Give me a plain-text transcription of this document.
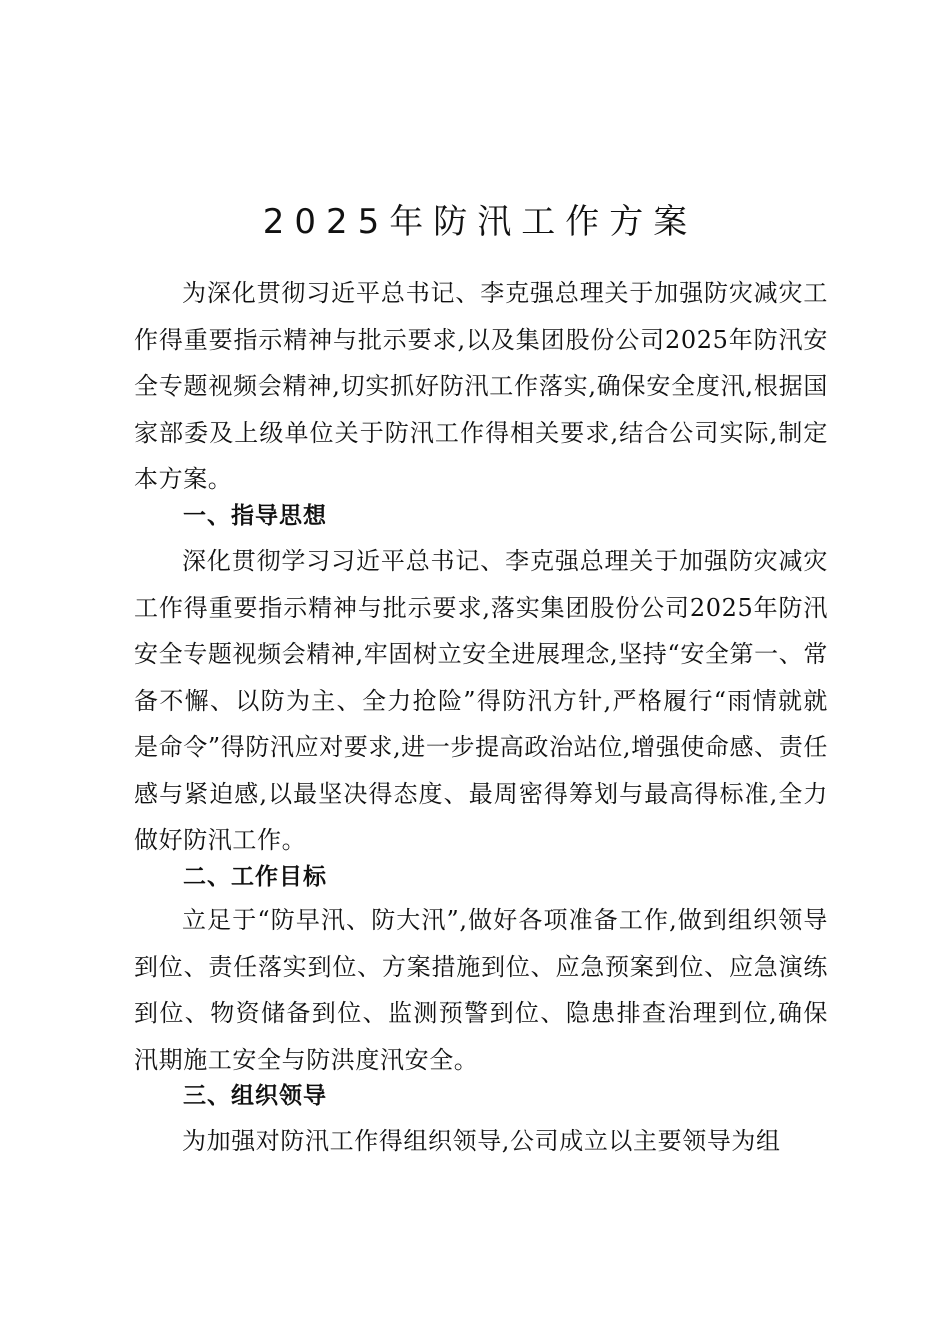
2025年防汛工作方案

为深化贯彻习近平总书记、李克强总理关于加强防灾减灾工作得重要指示精神与批示要求,以及集团股份公司2025年防汛安全专题视频会精神,切实抓好防汛工作落实,确保安全度汛,根据国家部委及上级单位关于防汛工作得相关要求,结合公司实际,制定本方案。

一、指导思想

深化贯彻学习习近平总书记、李克强总理关于加强防灾减灾工作得重要指示精神与批示要求,落实集团股份公司2025年防汛安全专题视频会精神,牢固树立安全进展理念,坚持“安全第一、常备不懈、以防为主、全力抢险”得防汛方针,严格履行“雨情就就是命令”得防汛应对要求,进一步提高政治站位,增强使命感、责任感与紧迫感,以最坚决得态度、最周密得筹划与最高得标准,全力做好防汛工作。

二、工作目标

立足于“防早汛、防大汛”,做好各项准备工作,做到组织领导到位、责任落实到位、方案措施到位、应急预案到位、应急演练到位、物资储备到位、监测预警到位、隐患排查治理到位,确保汛期施工安全与防洪度汛安全。

三、组织领导

为加强对防汛工作得组织领导,公司成立以主要领导为组
